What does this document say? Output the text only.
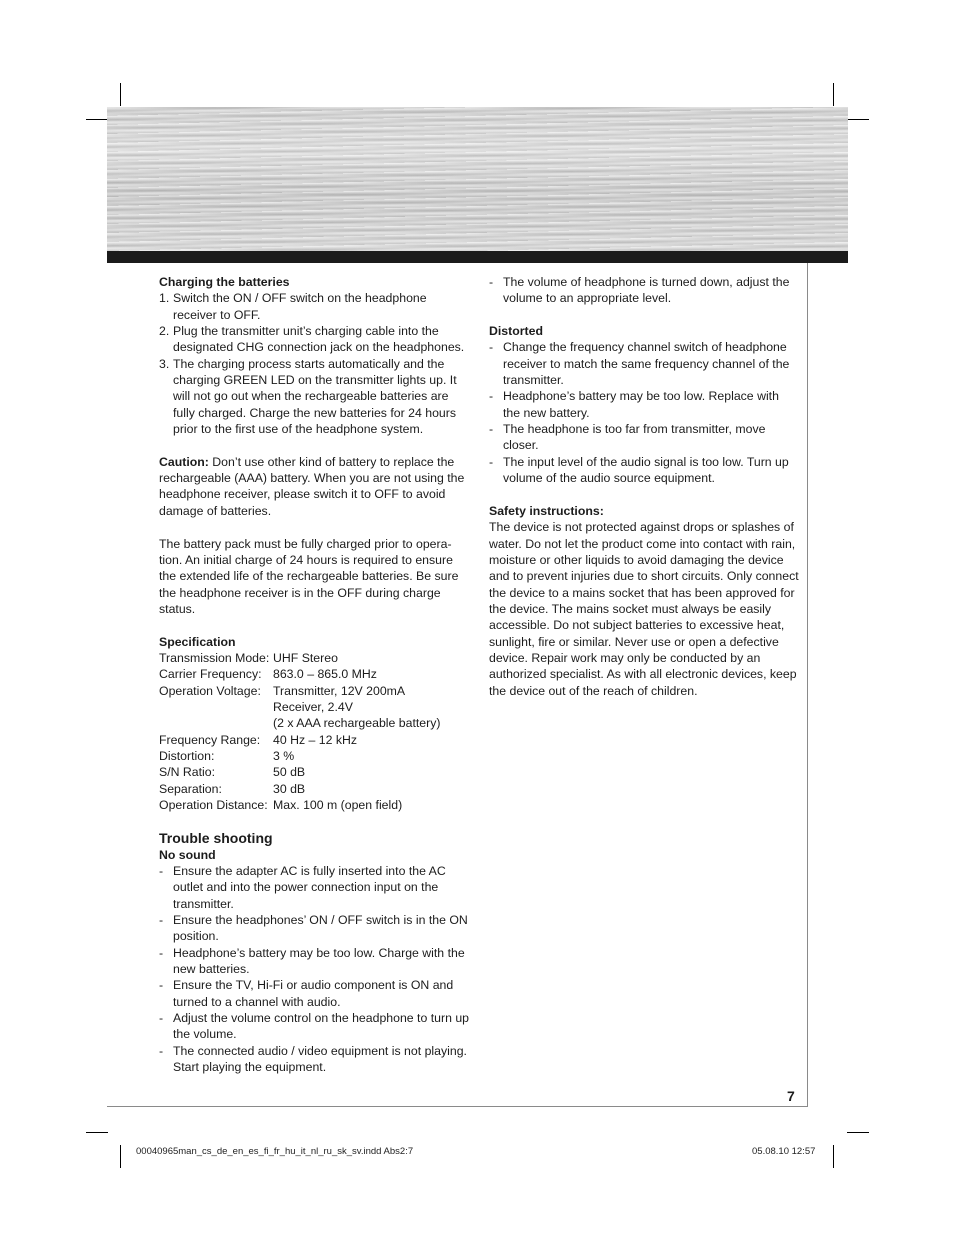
Charging the batteries

1. Switch the ON / OFF switch on the headphone receiver to OFF.
2. Plug the transmitter unit’s charging cable into the designated CHG connection jack on the headphones.
3. The charging process starts automatically and the charging GREEN LED on the transmitter lights up. It will not go out when the rechargeable batteries are fully charged. Charge the new batteries for 24 hours prior to the first use of the headphone system.

Caution: Don’t use other kind of battery to replace the rechargeable (AAA) battery. When you are not using the headphone receiver, please switch it to OFF to avoid damage of batteries.

The battery pack must be fully charged prior to opera-tion. An initial charge of 24 hours is required to ensure the extended life of the rechargeable batteries. Be sure the headphone receiver is in the OFF during charge status.

Specification

Transmission Mode: UHF Stereo
Carrier Frequency: 863.0 – 865.0 MHz
Operation Voltage: Transmitter, 12V 200mA
Receiver, 2.4V
(2 x AAA rechargeable battery)
Frequency Range:	40 Hz – 12 kHz
Distortion:	3 %
S/N Ratio:	50 dB
Separation:	30 dB
Operation Distance: Max. 100 m (open field)

Trouble shooting

No sound

- Ensure the adapter AC is fully inserted into the AC outlet and into the power connection input on the transmitter.
- Ensure the headphones’ ON / OFF switch is in the ON position.
- Headphone’s battery may be too low. Charge with the new batteries.
- Ensure the TV, Hi-Fi or audio component is ON and turned to a channel with audio.
- Adjust the volume control on the headphone to turn up the volume.
- The connected audio / video equipment is not playing. Start playing the equipment.
- The volume of headphone is turned down, adjust the volume to an appropriate level.

Distorted

- Change the frequency channel switch of headphone receiver to match the same frequency channel of the transmitter.
- Headphone’s battery may be too low. Replace with the new battery.
- The headphone is too far from transmitter, move closer.
- The input level of the audio signal is too low. Turn up volume of the audio source equipment.

Safety instructions:

The device is not protected against drops or splashes of water. Do not let the product come into contact with rain, moisture or other liquids to avoid damaging the device and to prevent injuries due to short circuits. Only connect the device to a mains socket that has been approved for the device. The mains socket must always be easily accessible. Do not subject batteries to excessive heat, sunlight, fire or similar. Never use or open a defective device. Repair work may only be conducted by an authorized specialist. As with all electronic devices, keep the device out of the reach of children.

7
00040965man_cs_de_en_es_fi_fr_hu_it_nl_ru_sk_sv.indd Abs2:7	05.08.10 12:57
